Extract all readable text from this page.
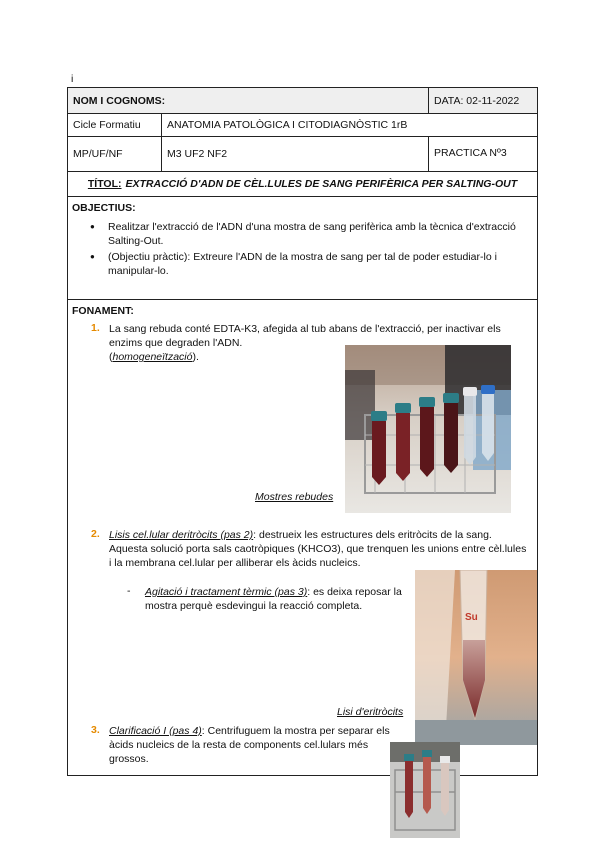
i
NOM I COGNOMS:	DATA: 02-11-2022
Cicle Formatiu	ANATOMIA PATOLÒGICA I CITODIAGNÒSTIC 1rB
MP/UF/NF	M3 UF2 NF2	PRACTICA Nº3
TÍTOL: EXTRACCIÓ D'ADN DE CÈL.LULES DE SANG PERIFÈRICA PER SALTING-OUT
OBJECTIUS:
● Realitzar l'extracció de l'ADN d'una mostra de sang perifèrica amb la tècnica d'extracció Salting-Out.
● (Objectiu pràctic): Extreure l'ADN de la mostra de sang per tal de poder estudiar-lo i manipular-lo.
FONAMENT:
1. La sang rebuda conté EDTA-K3, afegida al tub abans de l'extracció, per inactivar els enzims que degraden l'ADN.
(homogeneïtzació).
Mostres rebudes
2. Lisis cel.lular deritròcits (pas 2): destrueix les estructures dels eritròcits de la sang. Aquesta solució porta sals caotròpiques (KHCO3), que trenquen les unions entre cèl.lules i la membrana cel.lular per alliberar els àcids nucleics.
- Agitació i tractament tèrmic (pas 3): es deixa reposar la mostra perquè esdevingui la reacció completa.
Su
Lisi d'eritròcits
3. Clarificació I (pas 4): Centrifuguem la mostra per separar els àcids nucleics de la resta de components cel.lulars més grossos.
